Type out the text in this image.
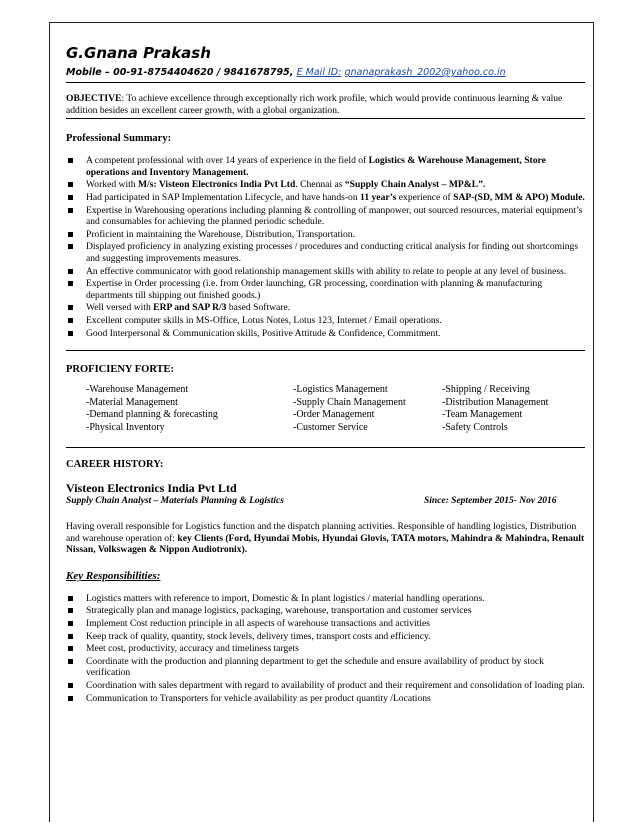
G.Gnana Prakash
Mobile – 00-91-8754404620 / 9841678795, E Mail ID: gnanaprakash_2002@yahoo.co.in
OBJECTIVE: To achieve excellence through exceptionally rich work profile, which would provide continuous learning & value addition besides an excellent career growth, with a global organization.
Professional Summary:
A competent professional with over 14 years of experience in the field of Logistics & Warehouse Management, Store operations and Inventory Management.
Worked with M/s: Visteon Electronics India Pvt Ltd. Chennai as “Supply Chain Analyst – MP&L”.
Had participated in SAP Implementation Lifecycle, and have hands-on 11 year’s experience of SAP-(SD, MM & APO) Module.
Expertise in Warehousing operations including planning & controlling of manpower, out sourced resources, material equipment’s and consumables for achieving the planned periodic schedule.
Proficient in maintaining the Warehouse, Distribution, Transportation.
Displayed proficiency in analyzing existing processes / procedures and conducting critical analysis for finding out shortcomings and suggesting improvements measures.
An effective communicator with good relationship management skills with ability to relate to people at any level of business.
Expertise in Order processing (i.e. from Order launching, GR processing, coordination with planning & manufacturing departments till shipping out finished goods.)
Well versed with ERP and SAP R/3 based Software.
Excellent computer skills in MS-Office, Lotus Notes, Lotus 123, Internet / Email operations.
Good Interpersonal & Communication skills, Positive Attitude & Confidence, Commitment.
PROFICIENY FORTE:
-Warehouse Management	-Logistics Management	-Shipping / Receiving
-Material Management	-Supply Chain Management	-Distribution Management
-Demand planning & forecasting	-Order Management	-Team Management
-Physical Inventory	-Customer Service	-Safety Controls
CAREER HISTORY:
Visteon Electronics India Pvt Ltd
Supply Chain Analyst – Materials Planning & Logistics	Since: September 2015- Nov 2016
Having overall responsible for Logistics function and the dispatch planning activities. Responsible of handling logistics, Distribution and warehouse operation of: key Clients (Ford, Hyundai Mobis, Hyundai Glovis, TATA motors, Mahindra & Mahindra, Renault Nissan, Volkswagen & Nippon Audiotronix).
Key Responsibilities:
Logistics matters with reference to import, Domestic & In plant logistics / material handling operations.
Strategically plan and manage logistics, packaging, warehouse, transportation and customer services
Implement Cost reduction principle in all aspects of warehouse transactions and activities
Keep track of quality, quantity, stock levels, delivery times, transport costs and efficiency.
Meet cost, productivity, accuracy and timeliness targets
Coordinate with the production and planning department to get the schedule and ensure availability of product by stock verification
Coordination with sales department with regard to availability of product and their requirement and consolidation of loading plan.
Communication to Transporters for vehicle availability as per product quantity /Locations
